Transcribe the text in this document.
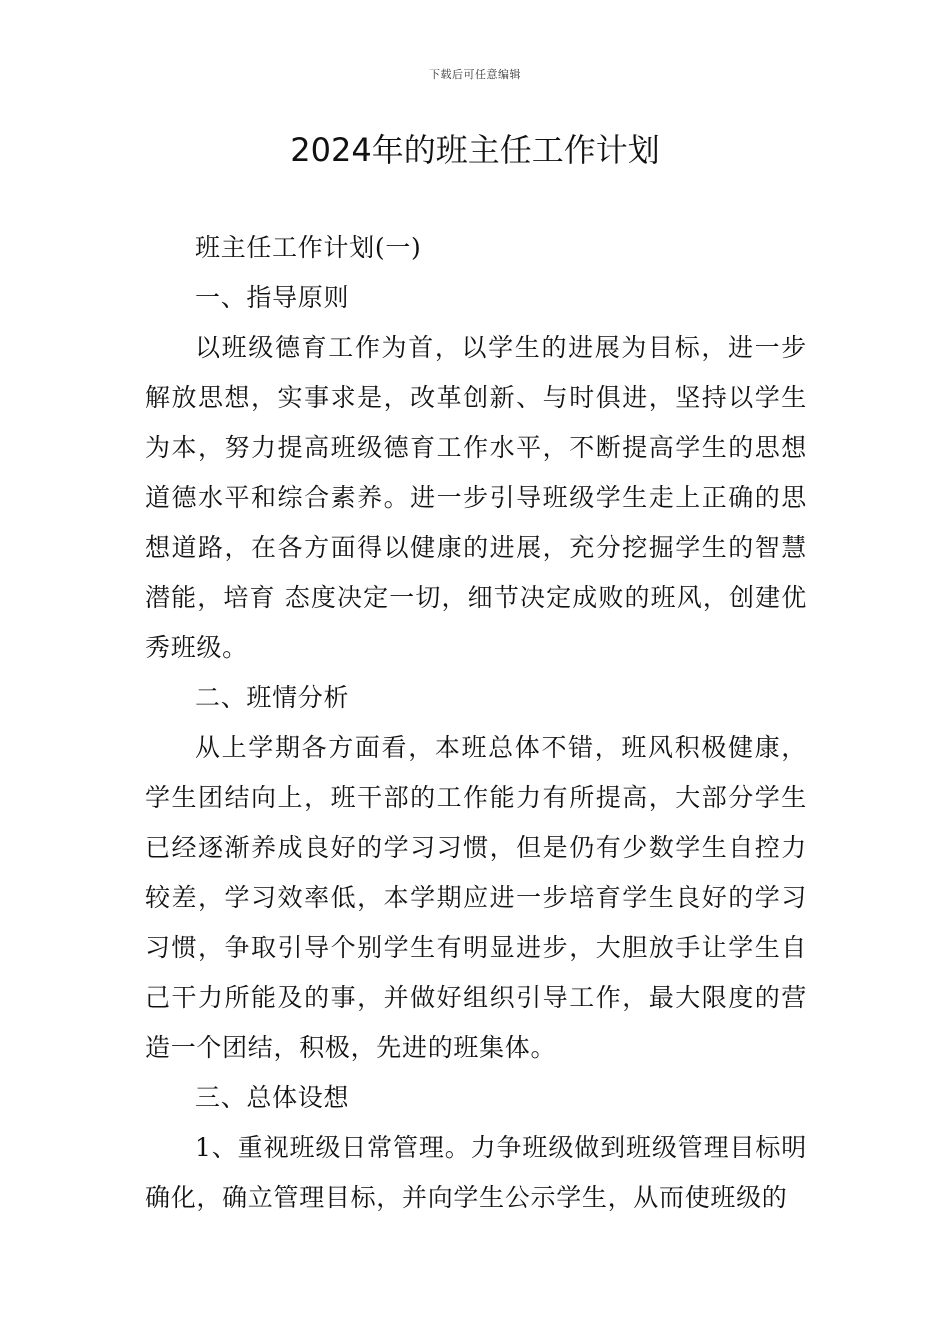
下载后可任意编辑
2024年的班主任工作计划

班主任工作计划(一)

一、指导原则

以班级德育工作为首，以学生的进展为目标，进一步解放思想，实事求是，改革创新、与时俱进，坚持以学生为本，努力提高班级德育工作水平，不断提高学生的思想道德水平和综合素养。进一步引导班级学生走上正确的思想道路，在各方面得以健康的进展，充分挖掘学生的智慧潜能，培育 态度决定一切，细节决定成败的班风，创建优秀班级。

二、班情分析

从上学期各方面看，本班总体不错，班风积极健康，学生团结向上，班干部的工作能力有所提高，大部分学生已经逐渐养成良好的学习习惯，但是仍有少数学生自控力较差，学习效率低，本学期应进一步培育学生良好的学习习惯，争取引导个别学生有明显进步，大胆放手让学生自己干力所能及的事，并做好组织引导工作，最大限度的营造一个团结，积极，先进的班集体。

三、总体设想

1、重视班级日常管理。力争班级做到班级管理目标明确化，确立管理目标，并向学生公示学生，从而使班级的
